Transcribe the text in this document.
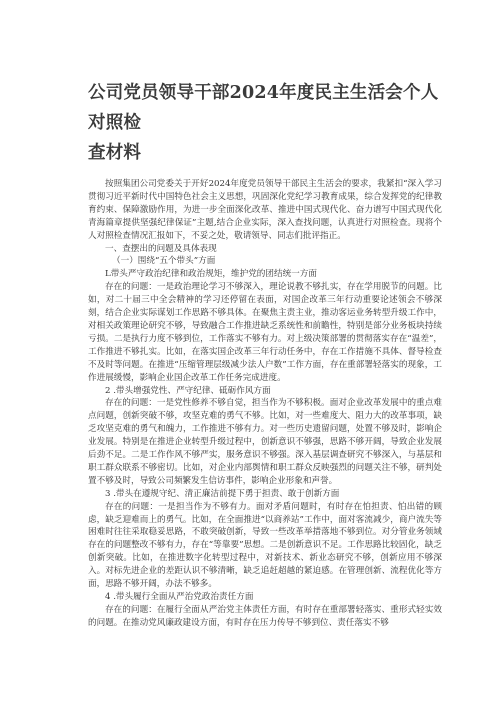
公司党员领导干部2024年度民主生活会个人对照检
查材料

按照集团公司党委关于开好2024年度党员领导干部民主生活会的要求，我紧扣“深入学习贯彻习近平新时代中国特色社会主义思想，巩固深化党纪学习教育成果，综合发挥党的纪律教育约束、保障激励作用，为进一步全面深化改革、推进中国式现代化、奋力谱写中国式现代化青海篇章提供坚强纪律保证”主题,结合企业实际，深入查找问题，认真进行对照检查。现将个人对照检查情况汇报如下，不妥之处，敬请领导、同志们批评指正。

一、查摆出的问题及具体表现

（一）围绕“五个带头”方面

L带头严守政治纪律和政治规矩，维护党的团结统一方面

存在的问题：一是政治理论学习不够深入，理论说教不够扎实，存在学用脱节的问题。比如，对二十届三中全会精神的学习还停留在表面，对国企改革三年行动重要论述领会不够深刻，结合企业实际谋划工作思路不够具体。在聚焦主责主业，推动客运业务转型升级工作中，对相关政策理论研究不够，导致融合工作推进缺乏系统性和前瞻性，特别是部分业务板块持续亏损。二是执行力度不够到位，工作落实不够有力。对上级决策部署的贯彻落实存在“温差”，工作推进不够扎实。比如，在落实国企改革三年行动任务中，存在工作措施不具体、督导检查不及时等问题。在推进“压缩管理层级减少法人户数”工作方面，存在重部署轻落实的现象，工作进展缓慢，影响企业国企改革工作任务完成进度。

2 .带头增强党性、严守纪律、砥砺作风方面

存在的问题：一是党性修养不够自觉，担当作为不够积极。面对企业改革发展中的重点难点问题，创新突破不够，攻坚克难的勇气不够。比如，对一些难度大、阻力大的改革事项，缺乏攻坚克难的勇气和魄力，工作推进不够有力。对一些历史遗留问题，处置不够及时，影响企业发展。特别是在推进企业转型升级过程中，创新意识不够强，思路不够开阔，导致企业发展后劲不足。二是工作作风不够严实，服务意识不够强。深入基层调查研究不够深入，与基层和职工群众联系不够密切。比如，对企业内部舆情和职工群众反映强烈的问题关注不够，研判处置不够及时，导致公司频繁发生信访事件，影响企业形象和声誉。

3 .带头在遵规守纪、清正廉洁前提下勇于担责、敢于创新方面

存在的问题：一是担当作为不够有力。面对矛盾问题时，有时存在怕担责、怕出错的顾虑，缺乏迎难而上的勇气。比如，在全面推进“以商养站”工作中，面对客流减少，商户流失等困难时往往采取稳妥思路，不敢突破创新，导致一些改革举措落地不够到位。对分管业务领域存在的问题整改不够有力，存在“等靠要”思想。二是创新意识不足。工作思路比较固化，缺乏创新突破。比如，在推进数字化转型过程中，对新技术、新业态研究不够，创新应用不够深入。对标先进企业的差距认识不够清晰，缺乏追赶超越的紧迫感。在管理创新、流程优化等方面，思路不够开阔，办法不够多。

4 .带头履行全面从严治党政治责任方面

存在的问题：在履行全面从严治党主体责任方面，有时存在重部署轻落实、重形式轻实效的问题。在推动党风廉政建设方面，有时存在压力传导不够到位、责任落实不够
